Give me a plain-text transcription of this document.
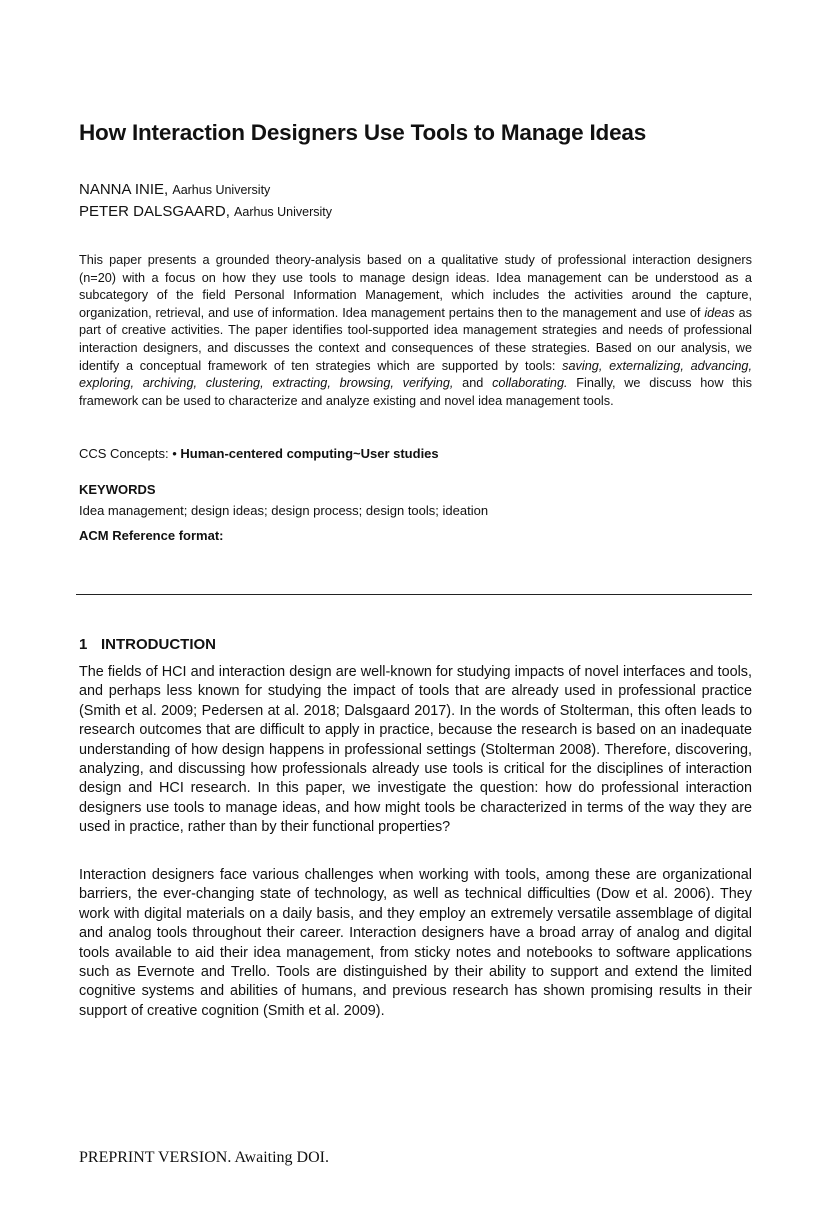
How Interaction Designers Use Tools to Manage Ideas
NANNA INIE, Aarhus University
PETER DALSGAARD, Aarhus University

This paper presents a grounded theory-analysis based on a qualitative study of professional interaction designers (n=20) with a focus on how they use tools to manage design ideas. Idea management can be understood as a subcategory of the field Personal Information Management, which includes the activities around the capture, organization, retrieval, and use of information. Idea management pertains then to the management and use of ideas as part of creative activities. The paper identifies tool-supported idea management strategies and needs of professional interaction designers, and discusses the context and consequences of these strategies. Based on our analysis, we identify a conceptual framework of ten strategies which are supported by tools: saving, externalizing, advancing, exploring, archiving, clustering, extracting, browsing, verifying, and collaborating. Finally, we discuss how this framework can be used to characterize and analyze existing and novel idea management tools.

CCS Concepts: • Human-centered computing~User studies
KEYWORDS
Idea management; design ideas; design process; design tools; ideation
ACM Reference format:
1 INTRODUCTION

The fields of HCI and interaction design are well-known for studying impacts of novel interfaces and tools, and perhaps less known for studying the impact of tools that are already used in professional practice (Smith et al. 2009; Pedersen at al. 2018; Dalsgaard 2017). In the words of Stolterman, this often leads to research outcomes that are difficult to apply in practice, because the research is based on an inadequate understanding of how design happens in professional settings (Stolterman 2008). Therefore, discovering, analyzing, and discussing how professionals already use tools is critical for the disciplines of interaction design and HCI research. In this paper, we investigate the question: how do professional interaction designers use tools to manage ideas, and how might tools be characterized in terms of the way they are used in practice, rather than by their functional properties?

Interaction designers face various challenges when working with tools, among these are organizational barriers, the ever-changing state of technology, as well as technical difficulties (Dow et al. 2006). They work with digital materials on a daily basis, and they employ an extremely versatile assemblage of digital and analog tools throughout their career. Interaction designers have a broad array of analog and digital tools available to aid their idea management, from sticky notes and notebooks to software applications such as Evernote and Trello. Tools are distinguished by their ability to support and extend the limited cognitive systems and abilities of humans, and previous research has shown promising results in their support of creative cognition (Smith et al. 2009).

PREPRINT VERSION. Awaiting DOI.
